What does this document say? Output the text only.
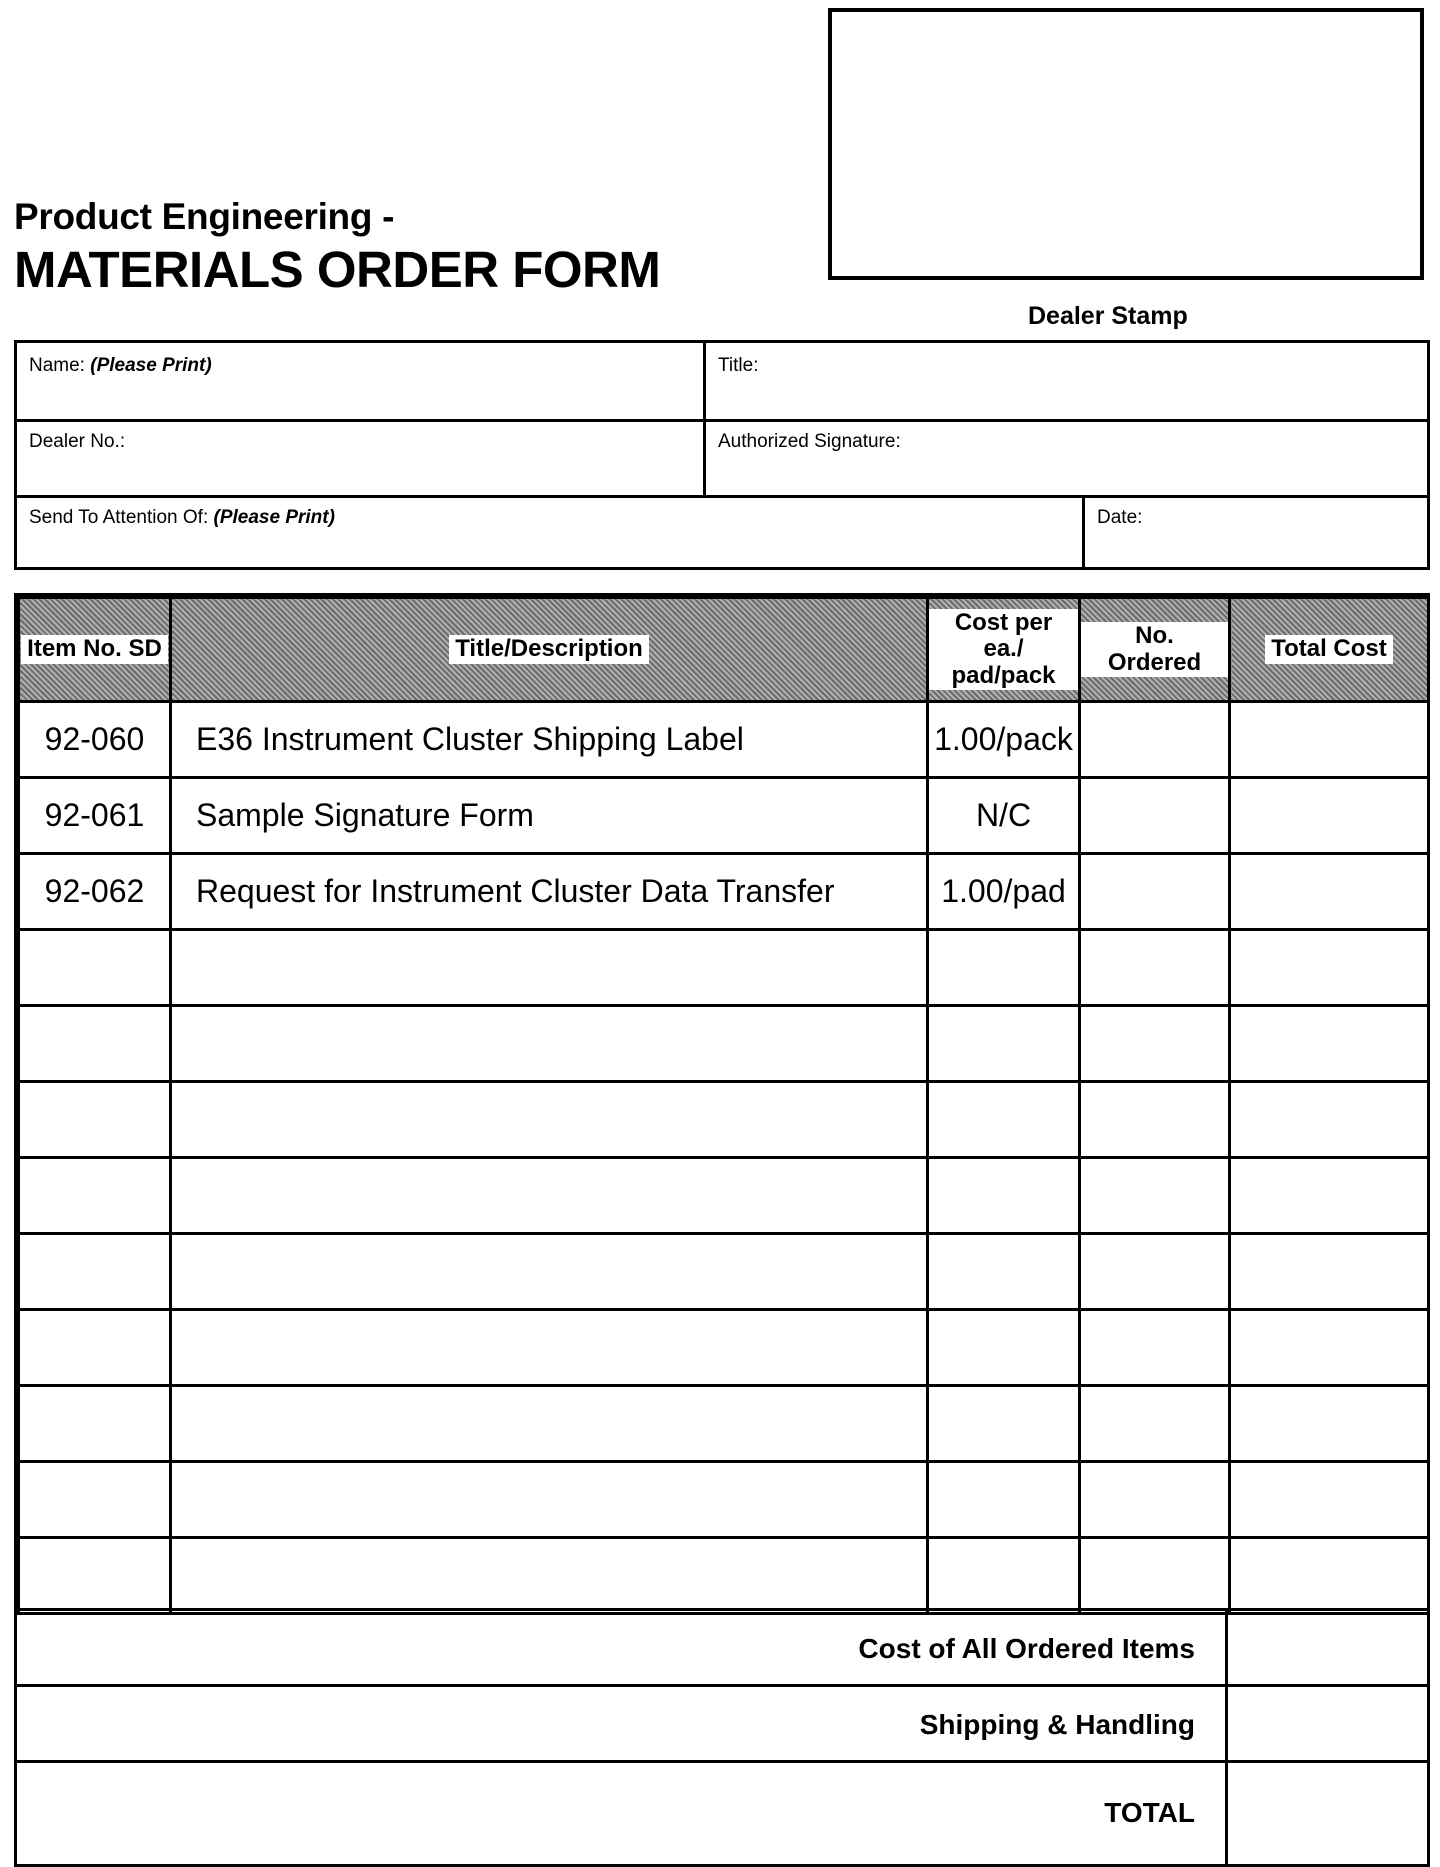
Product Engineering -
MATERIALS ORDER FORM
Dealer Stamp
Name: (Please Print)	Title:
Dealer No.:	Authorized Signature:
Send To Attention Of: (Please Print)	Date:
Item No. SD	Title/Description	Cost per ea./ pad/pack	No. Ordered	Total Cost
92-060	E36 Instrument Cluster Shipping Label	1.00/pack		
92-061	Sample Signature Form	N/C		
92-062	Request for Instrument Cluster Data Transfer	1.00/pad		

Cost of All Ordered Items
Shipping & Handling
TOTAL
